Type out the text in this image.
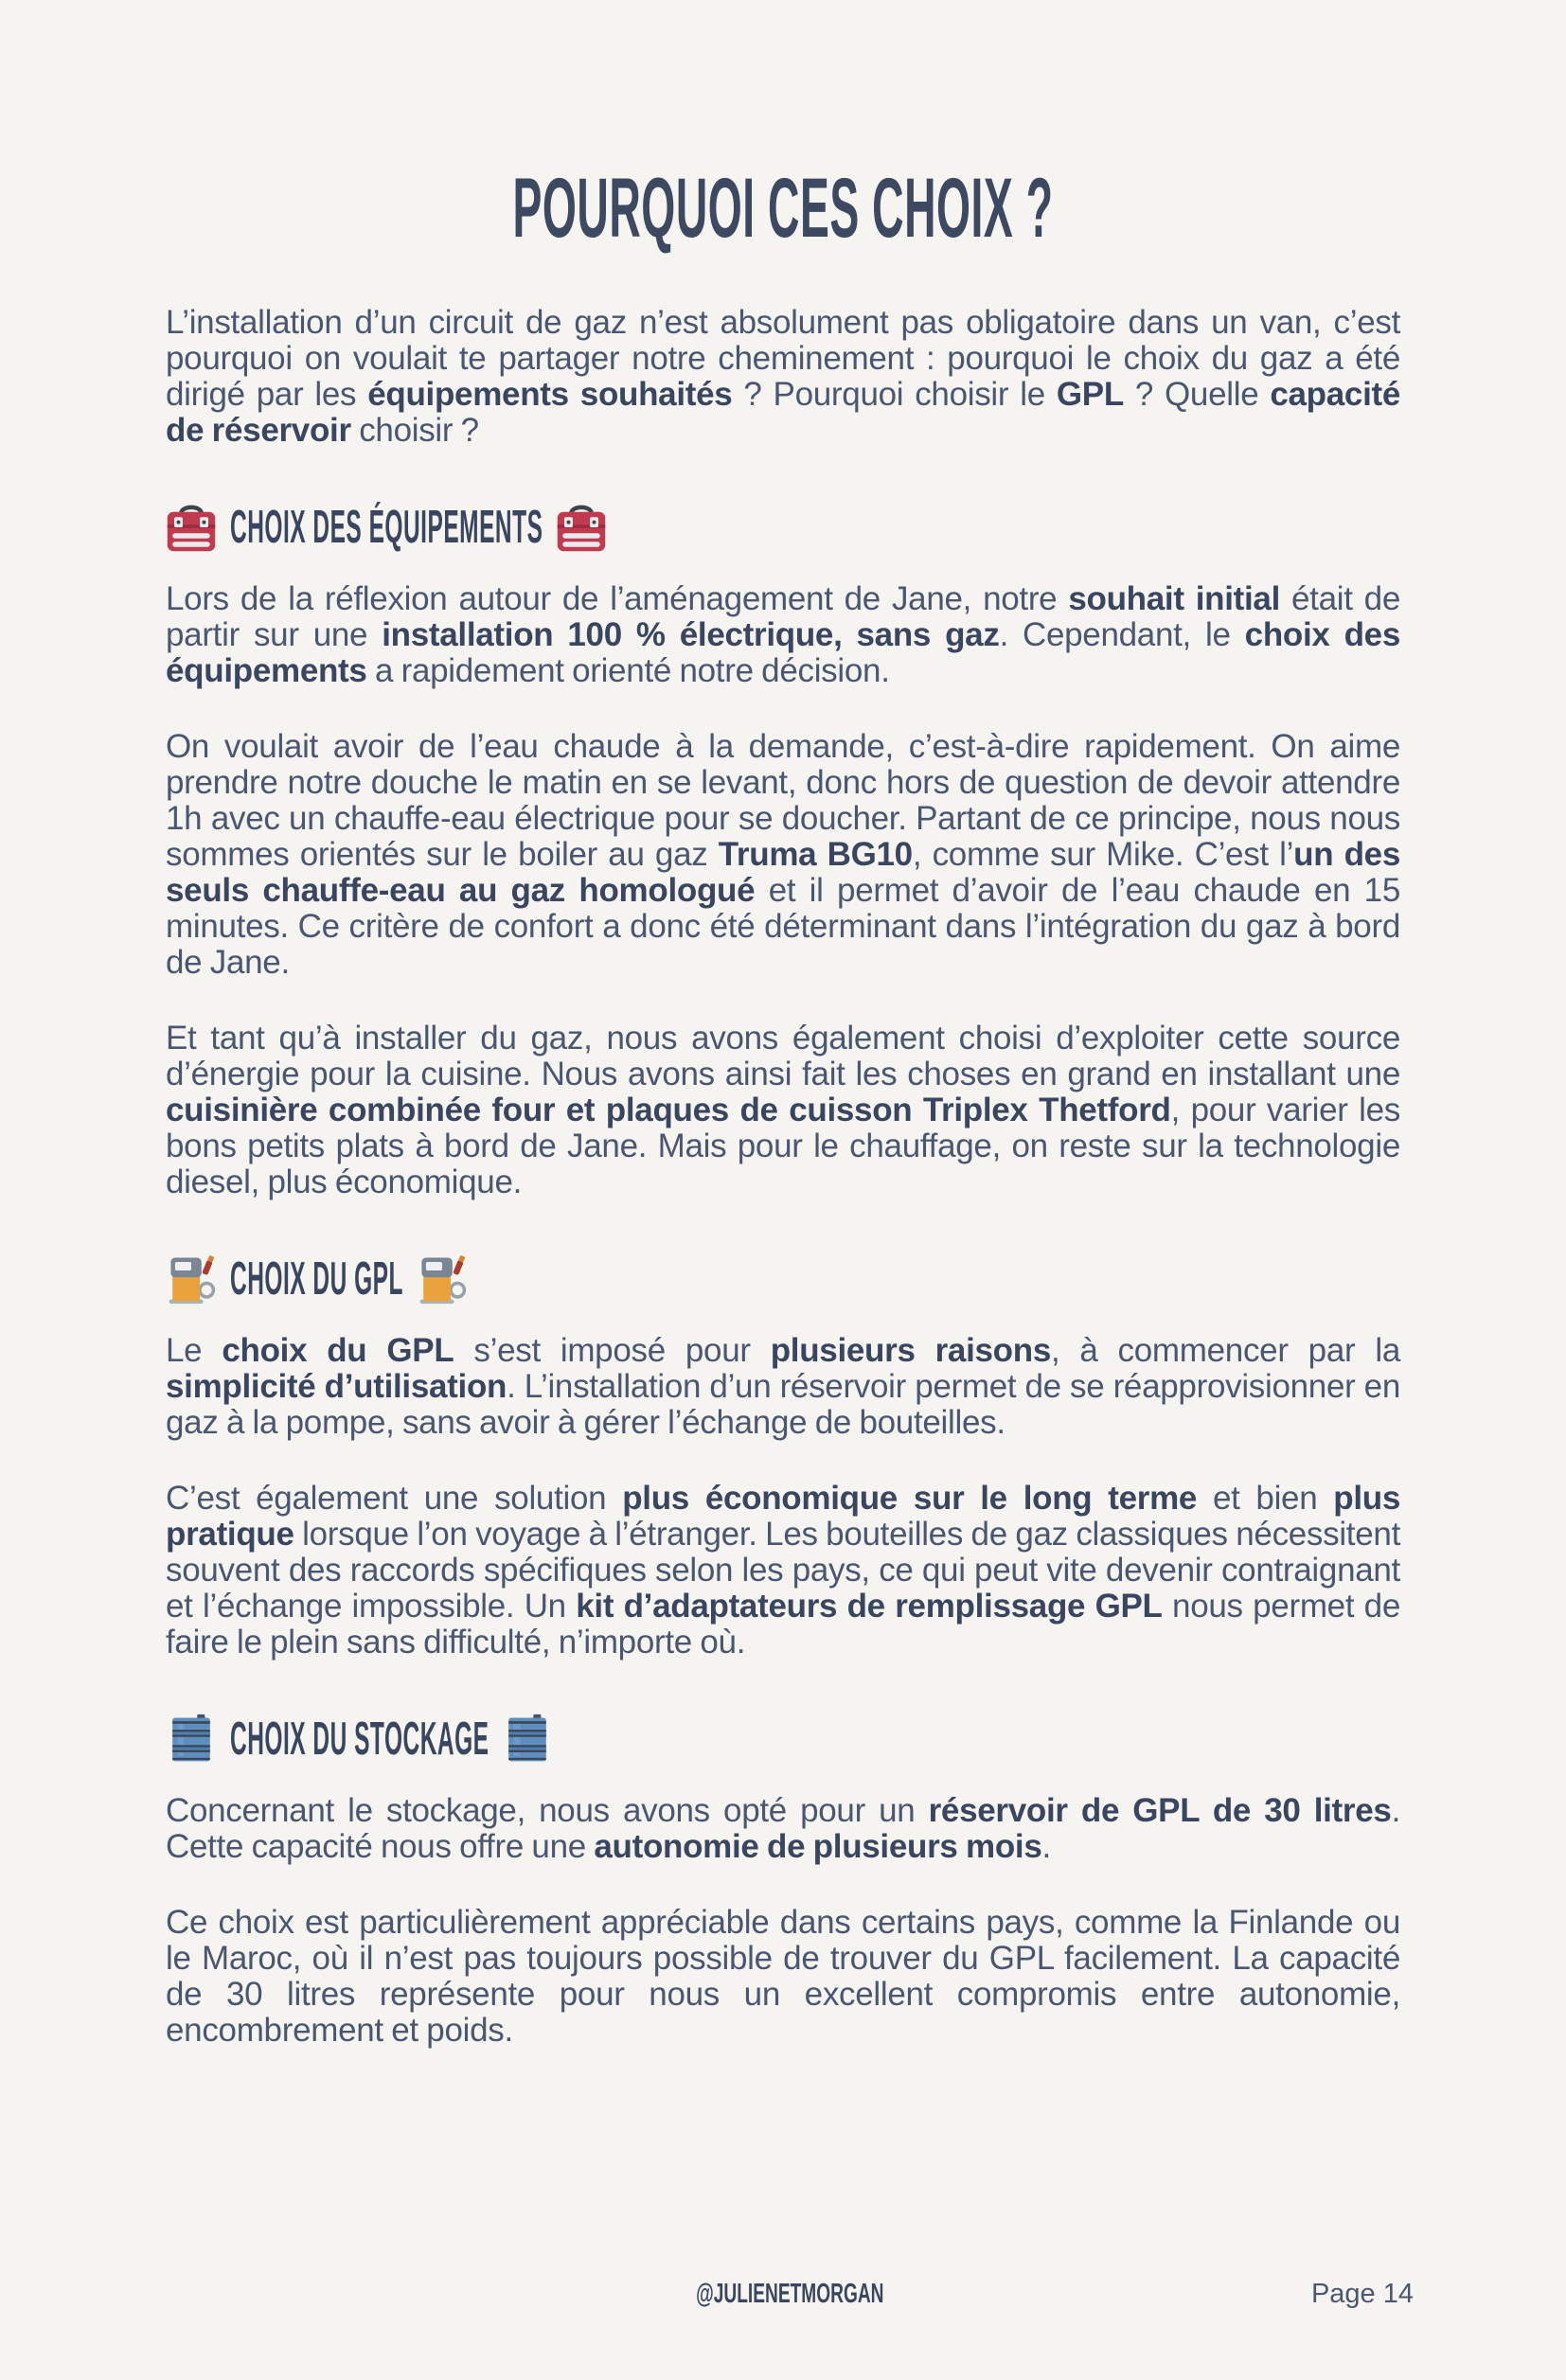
POURQUOI CES CHOIX ?

L’installation d’un circuit de gaz n’est absolument pas obligatoire dans un van, c’est pourquoi on voulait te partager notre cheminement : pourquoi le choix du gaz a été dirigé par les équipements souhaités ? Pourquoi choisir le GPL ? Quelle capacité de réservoir choisir ?

CHOIX DES ÉQUIPEMENTS

Lors de la réflexion autour de l’aménagement de Jane, notre souhait initial était de partir sur une installation 100 % électrique, sans gaz. Cependant, le choix des équipements a rapidement orienté notre décision.

On voulait avoir de l’eau chaude à la demande, c’est-à-dire rapidement. On aime prendre notre douche le matin en se levant, donc hors de question de devoir attendre 1h avec un chauffe-eau électrique pour se doucher. Partant de ce principe, nous nous sommes orientés sur le boiler au gaz Truma BG10, comme sur Mike. C’est l’un des seuls chauffe-eau au gaz homologué et il permet d’avoir de l’eau chaude en 15 minutes. Ce critère de confort a donc été déterminant dans l’intégration du gaz à bord de Jane.

Et tant qu’à installer du gaz, nous avons également choisi d’exploiter cette source d’énergie pour la cuisine. Nous avons ainsi fait les choses en grand en installant une cuisinière combinée four et plaques de cuisson Triplex Thetford, pour varier les bons petits plats à bord de Jane. Mais pour le chauffage, on reste sur la technologie diesel, plus économique.

CHOIX DU GPL

Le choix du GPL s’est imposé pour plusieurs raisons, à commencer par la simplicité d’utilisation. L’installation d’un réservoir permet de se réapprovisionner en gaz à la pompe, sans avoir à gérer l’échange de bouteilles.

C’est également une solution plus économique sur le long terme et bien plus pratique lorsque l’on voyage à l’étranger. Les bouteilles de gaz classiques nécessitent souvent des raccords spécifiques selon les pays, ce qui peut vite devenir contraignant et l’échange impossible. Un kit d’adaptateurs de remplissage GPL nous permet de faire le plein sans difficulté, n’importe où.

CHOIX DU STOCKAGE

Concernant le stockage, nous avons opté pour un réservoir de GPL de 30 litres. Cette capacité nous offre une autonomie de plusieurs mois.

Ce choix est particulièrement appréciable dans certains pays, comme la Finlande ou le Maroc, où il n’est pas toujours possible de trouver du GPL facilement. La capacité de 30 litres représente pour nous un excellent compromis entre autonomie, encombrement et poids.

@JULIENETMORGAN	Page 14
